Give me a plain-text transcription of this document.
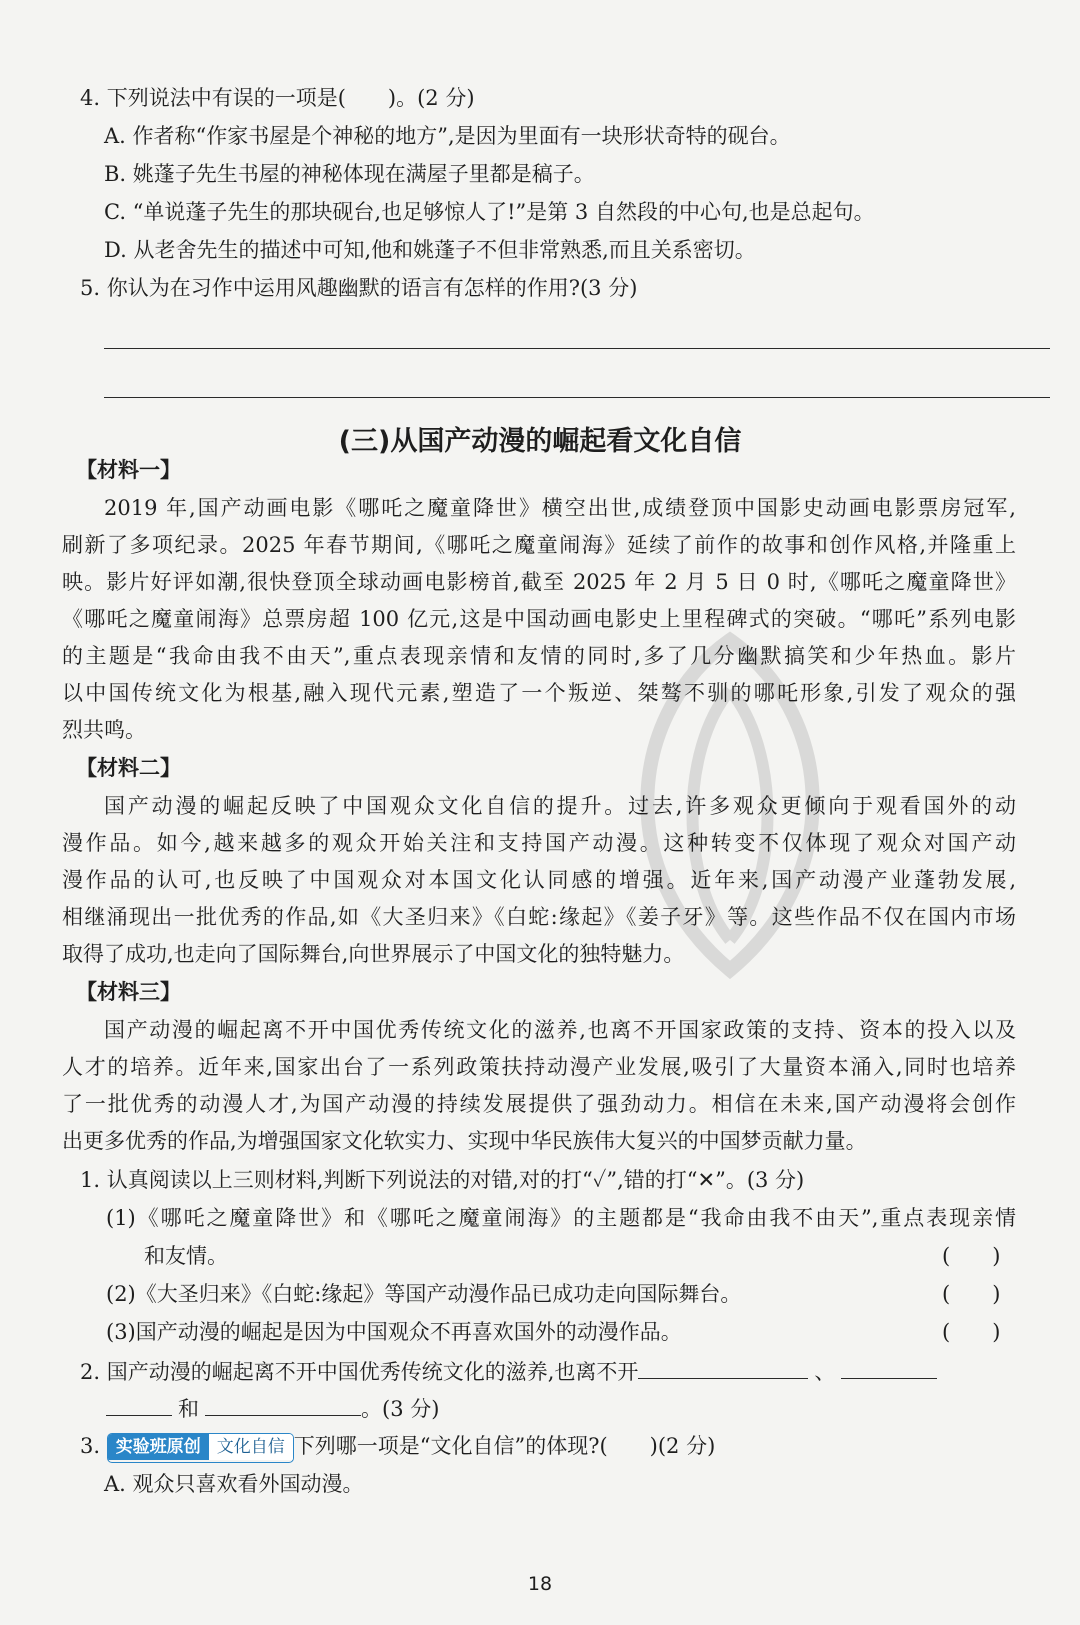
4. 下列说法中有误的一项是(　　)。(2 分)
A. 作者称“作家书屋是个神秘的地方”,是因为里面有一块形状奇特的砚台。
B. 姚蓬子先生书屋的神秘体现在满屋子里都是稿子。
C. “单说蓬子先生的那块砚台,也足够惊人了!”是第 3 自然段的中心句,也是总起句。
D. 从老舍先生的描述中可知,他和姚蓬子不但非常熟悉,而且关系密切。
5. 你认为在习作中运用风趣幽默的语言有怎样的作用?(3 分)
(三)从国产动漫的崛起看文化自信
【材料一】
2019 年,国产动画电影《哪吒之魔童降世》横空出世,成绩登顶中国影史动画电影票房冠军,
刷新了多项纪录。2025 年春节期间,《哪吒之魔童闹海》延续了前作的故事和创作风格,并隆重上
映。影片好评如潮,很快登顶全球动画电影榜首,截至 2025 年 2 月 5 日 0 时,《哪吒之魔童降世》
《哪吒之魔童闹海》总票房超 100 亿元,这是中国动画电影史上里程碑式的突破。“哪吒”系列电影
的主题是“我命由我不由天”,重点表现亲情和友情的同时,多了几分幽默搞笑和少年热血。影片
以中国传统文化为根基,融入现代元素,塑造了一个叛逆、桀骜不驯的哪吒形象,引发了观众的强
烈共鸣。
【材料二】
国产动漫的崛起反映了中国观众文化自信的提升。过去,许多观众更倾向于观看国外的动
漫作品。如今,越来越多的观众开始关注和支持国产动漫。这种转变不仅体现了观众对国产动
漫作品的认可,也反映了中国观众对本国文化认同感的增强。近年来,国产动漫产业蓬勃发展,
相继涌现出一批优秀的作品,如《大圣归来》《白蛇:缘起》《姜子牙》等。这些作品不仅在国内市场
取得了成功,也走向了国际舞台,向世界展示了中国文化的独特魅力。
【材料三】
国产动漫的崛起离不开中国优秀传统文化的滋养,也离不开国家政策的支持、资本的投入以及
人才的培养。近年来,国家出台了一系列政策扶持动漫产业发展,吸引了大量资本涌入,同时也培养
了一批优秀的动漫人才,为国产动漫的持续发展提供了强劲动力。相信在未来,国产动漫将会创作
出更多优秀的作品,为增强国家文化软实力、实现中华民族伟大复兴的中国梦贡献力量。
1. 认真阅读以上三则材料,判断下列说法的对错,对的打“✓”,错的打“✕”。(3 分)
(1)《哪吒之魔童降世》和《哪吒之魔童闹海》的主题都是“我命由我不由天”,重点表现亲情
和友情。	(　　)
(2)《大圣归来》《白蛇:缘起》等国产动漫作品已成功走向国际舞台。	(　　)
(3)国产动漫的崛起是因为中国观众不再喜欢国外的动漫作品。	(　　)
2. 国产动漫的崛起离不开中国优秀传统文化的滋养,也离不开	、
和	。(3 分)
3. 实验班原创 文化自信 下列哪一项是“文化自信”的体现?(　　)(2 分)
A. 观众只喜欢看外国动漫。
18
